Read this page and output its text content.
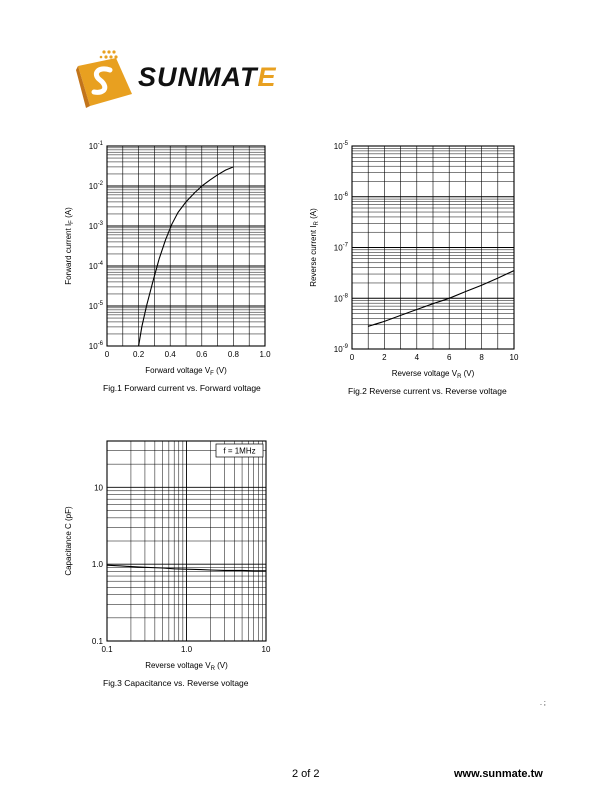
SUNMATE
$10^{-6}$
$10^{-5}$
$10^{-4}$
$10^{-3}$
$10^{-2}$
$10^{-1}$
0	0.2	0.4	0.6	0.8	1.0
Forward voltage $V_F$ (V)
Forward current $I_F$ (A)
Fig.1 Forward current vs. Forward voltage
$10^{-9}$
$10^{-8}$
$10^{-7}$
$10^{-6}$
$10^{-5}$
0	2	4	6	8	10
Reverse voltage $V_R$ (V)
Reverse current $I_R$ (A)
Fig.2 Reverse current vs. Reverse voltage
0.1
1.0
10
0.1	1.0	10
f = 1MHz
Reverse voltage $V_R$ (V)
Capacitance C (pF)
Fig.3 Capacitance vs. Reverse voltage
. ;
2 of 2	www.sunmate.tw
